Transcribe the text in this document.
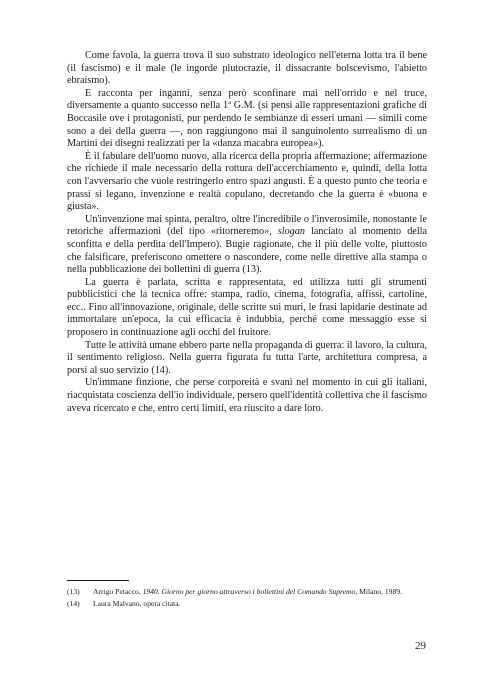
Come favola, la guerra trova il suo substrato ideologico nell'eterna lotta tra il bene (il fascismo) e il male (le ingorde plutocrazie, il dissacrante bolscevismo, l'abietto ebraismo).

E racconta per inganni, senza però sconfinare mai nell'orrido e nel truce, diversamente a quanto successo nella 1ª G.M. (si pensi alle rappresentazioni grafiche di Boccasile ove i protagonisti, pur perdendo le sembianze di esseri umani — simili come sono a dei della guerra —, non raggiungono mai il sanguinolento surrealismo di un Martini dei disegni realizzati per la «danza macabra europea»).

È il fabulare dell'uomo nuovo, alla ricerca della propria affermazione; affermazione che richiede il male necessario della rottura dell'accerchiamento e, quindi, della lotta con l'avversario che vuole restringerlo entro spazi angusti. È a questo punto che teoria e prassi si legano, invenzione e realtà copulano, decretando che la guerra è «buona e giusta».

Un'invenzione mai spinta, peraltro, oltre l'incredibile o l'inverosimile, nonostante le retoriche affermazioni (del tipo «ritorneremo», slogan lanciato al momento della sconfitta e della perdita dell'Impero). Bugie ragionate, che il più delle volte, piuttosto che falsificare, preferiscono omettere o nascondere, come nelle direttive alla stampa o nella pubblicazione dei bollettini di guerra (13).

La guerra è parlata, scritta e rappresentata, ed utilizza tutti gli strumenti pubblicistici che la tecnica offre: stampa, radio, cinema, fotografia, affissi, cartoline, ecc.. Fino all'innovazione, originale, delle scritte sui muri, le frasi lapidarie destinate ad immortalare un'epoca, la cui efficacia è indubbia, perché come messaggio esse si proposero in continuazione agli occhi del fruitore.

Tutte le attività umane ebbero parte nella propaganda di guerra: il lavoro, la cultura, il sentimento religioso. Nella guerra figurata fu tutta l'arte, architettura compresa, a porsi al suo servizio (14).

Un'immane finzione, che perse corporeità e svanì nel momento in cui gli italiani, riacquistata coscienza dell'io individuale, persero quell'identità collettiva che il fascismo aveva ricercato e che, entro certi limiti, era riuscito a dare loro.

(13) Arrigo Petacco, 1940. Giorno per giorno attraverso i bollettini del Comando Supremo, Milano, 1989.
(14) Laura Malvano, opera citata.
29
